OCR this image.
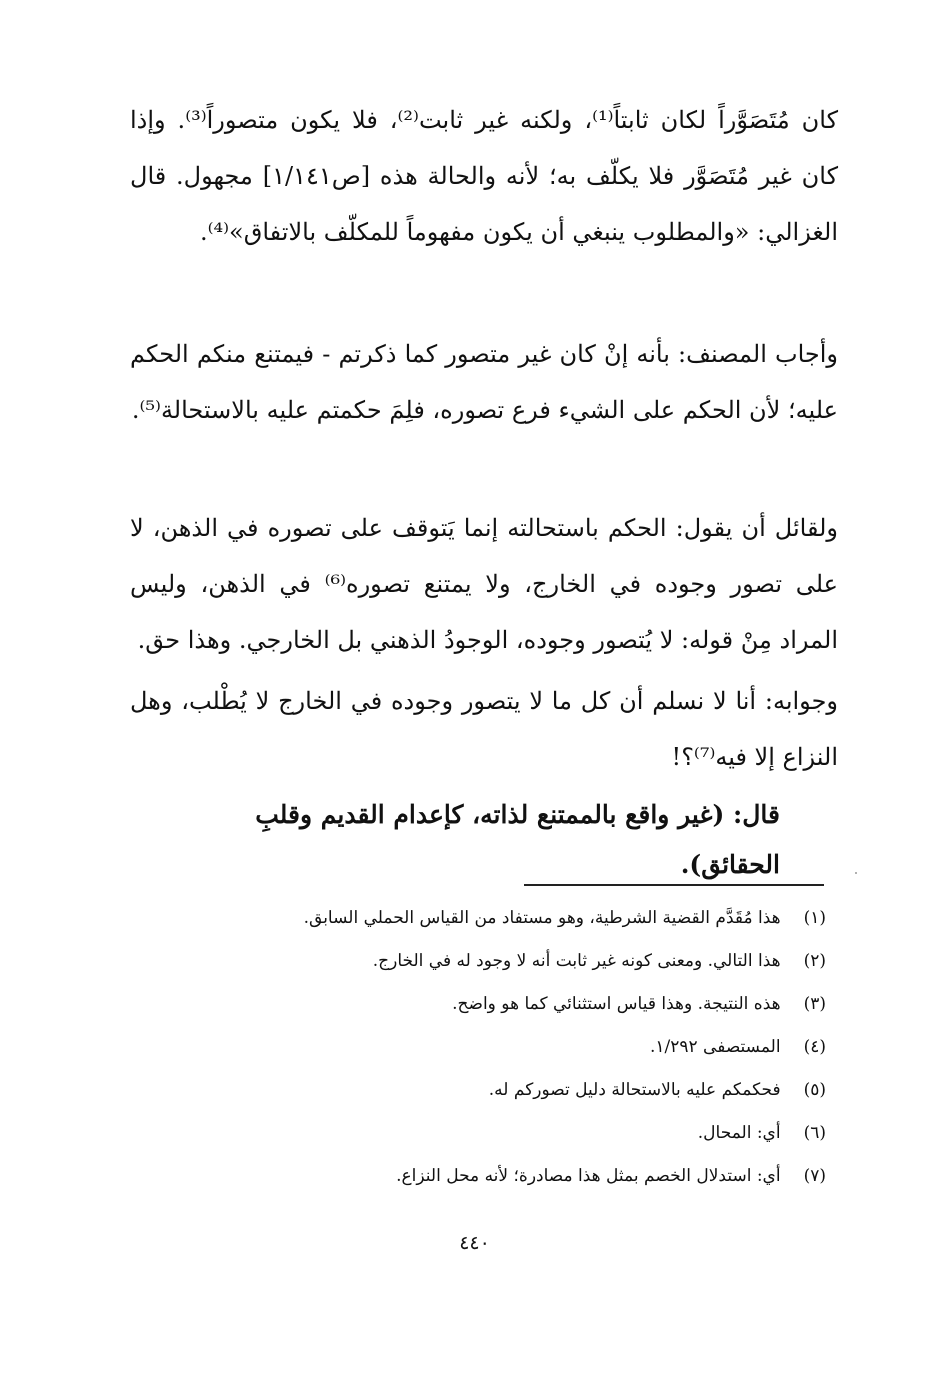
كان مُتَصَوَّراً لكان ثابتاً⁽¹⁾، ولكنه غير ثابت⁽²⁾، فلا يكون متصوراً⁽³⁾. وإذا كان غير مُتَصَوَّر فلا يكلّف به؛ لأنه والحالة هذه [ص١/١٤١] مجهول. قال الغزالي: «والمطلوب ينبغي أن يكون مفهوماً للمكلّف بالاتفاق»⁽⁴⁾.

وأجاب المصنف: بأنه إنْ كان غير متصور كما ذكرتم - فيمتنع منكم الحكم عليه؛ لأن الحكم على الشيء فرع تصوره، فلِمَ حكمتم عليه بالاستحالة⁽⁵⁾.

ولقائل أن يقول: الحكم باستحالته إنما يَتوقف على تصوره في الذهن، لا على تصور وجوده في الخارج، ولا يمتنع تصوره⁽⁶⁾ في الذهن، وليس المراد مِنْ قوله: لا يُتصور وجوده، الوجودُ الذهني بل الخارجي. وهذا حق.

وجوابه: أنا لا نسلم أن كل ما لا يتصور وجوده في الخارج لا يُطْلب، وهل النزاع إلا فيه⁽⁷⁾؟!

قال: (غير واقع بالممتنع لذاته، كإعدام القديم وقلبِ الحقائق).

(١) هذا مُقَدَّم القضية الشرطية، وهو مستفاد من القياس الحملي السابق.
(٢) هذا التالي. ومعنى كونه غير ثابت أنه لا وجود له في الخارج.
(٣) هذه النتيجة. وهذا قياس استثنائي كما هو واضح.
(٤) المستصفى ١/٢٩٢.
(٥) فحكمكم عليه بالاستحالة دليل تصوركم له.
(٦) أي: المحال.
(٧) أي: استدلال الخصم بمثل هذا مصادرة؛ لأنه محل النزاع.
٤٤٠
